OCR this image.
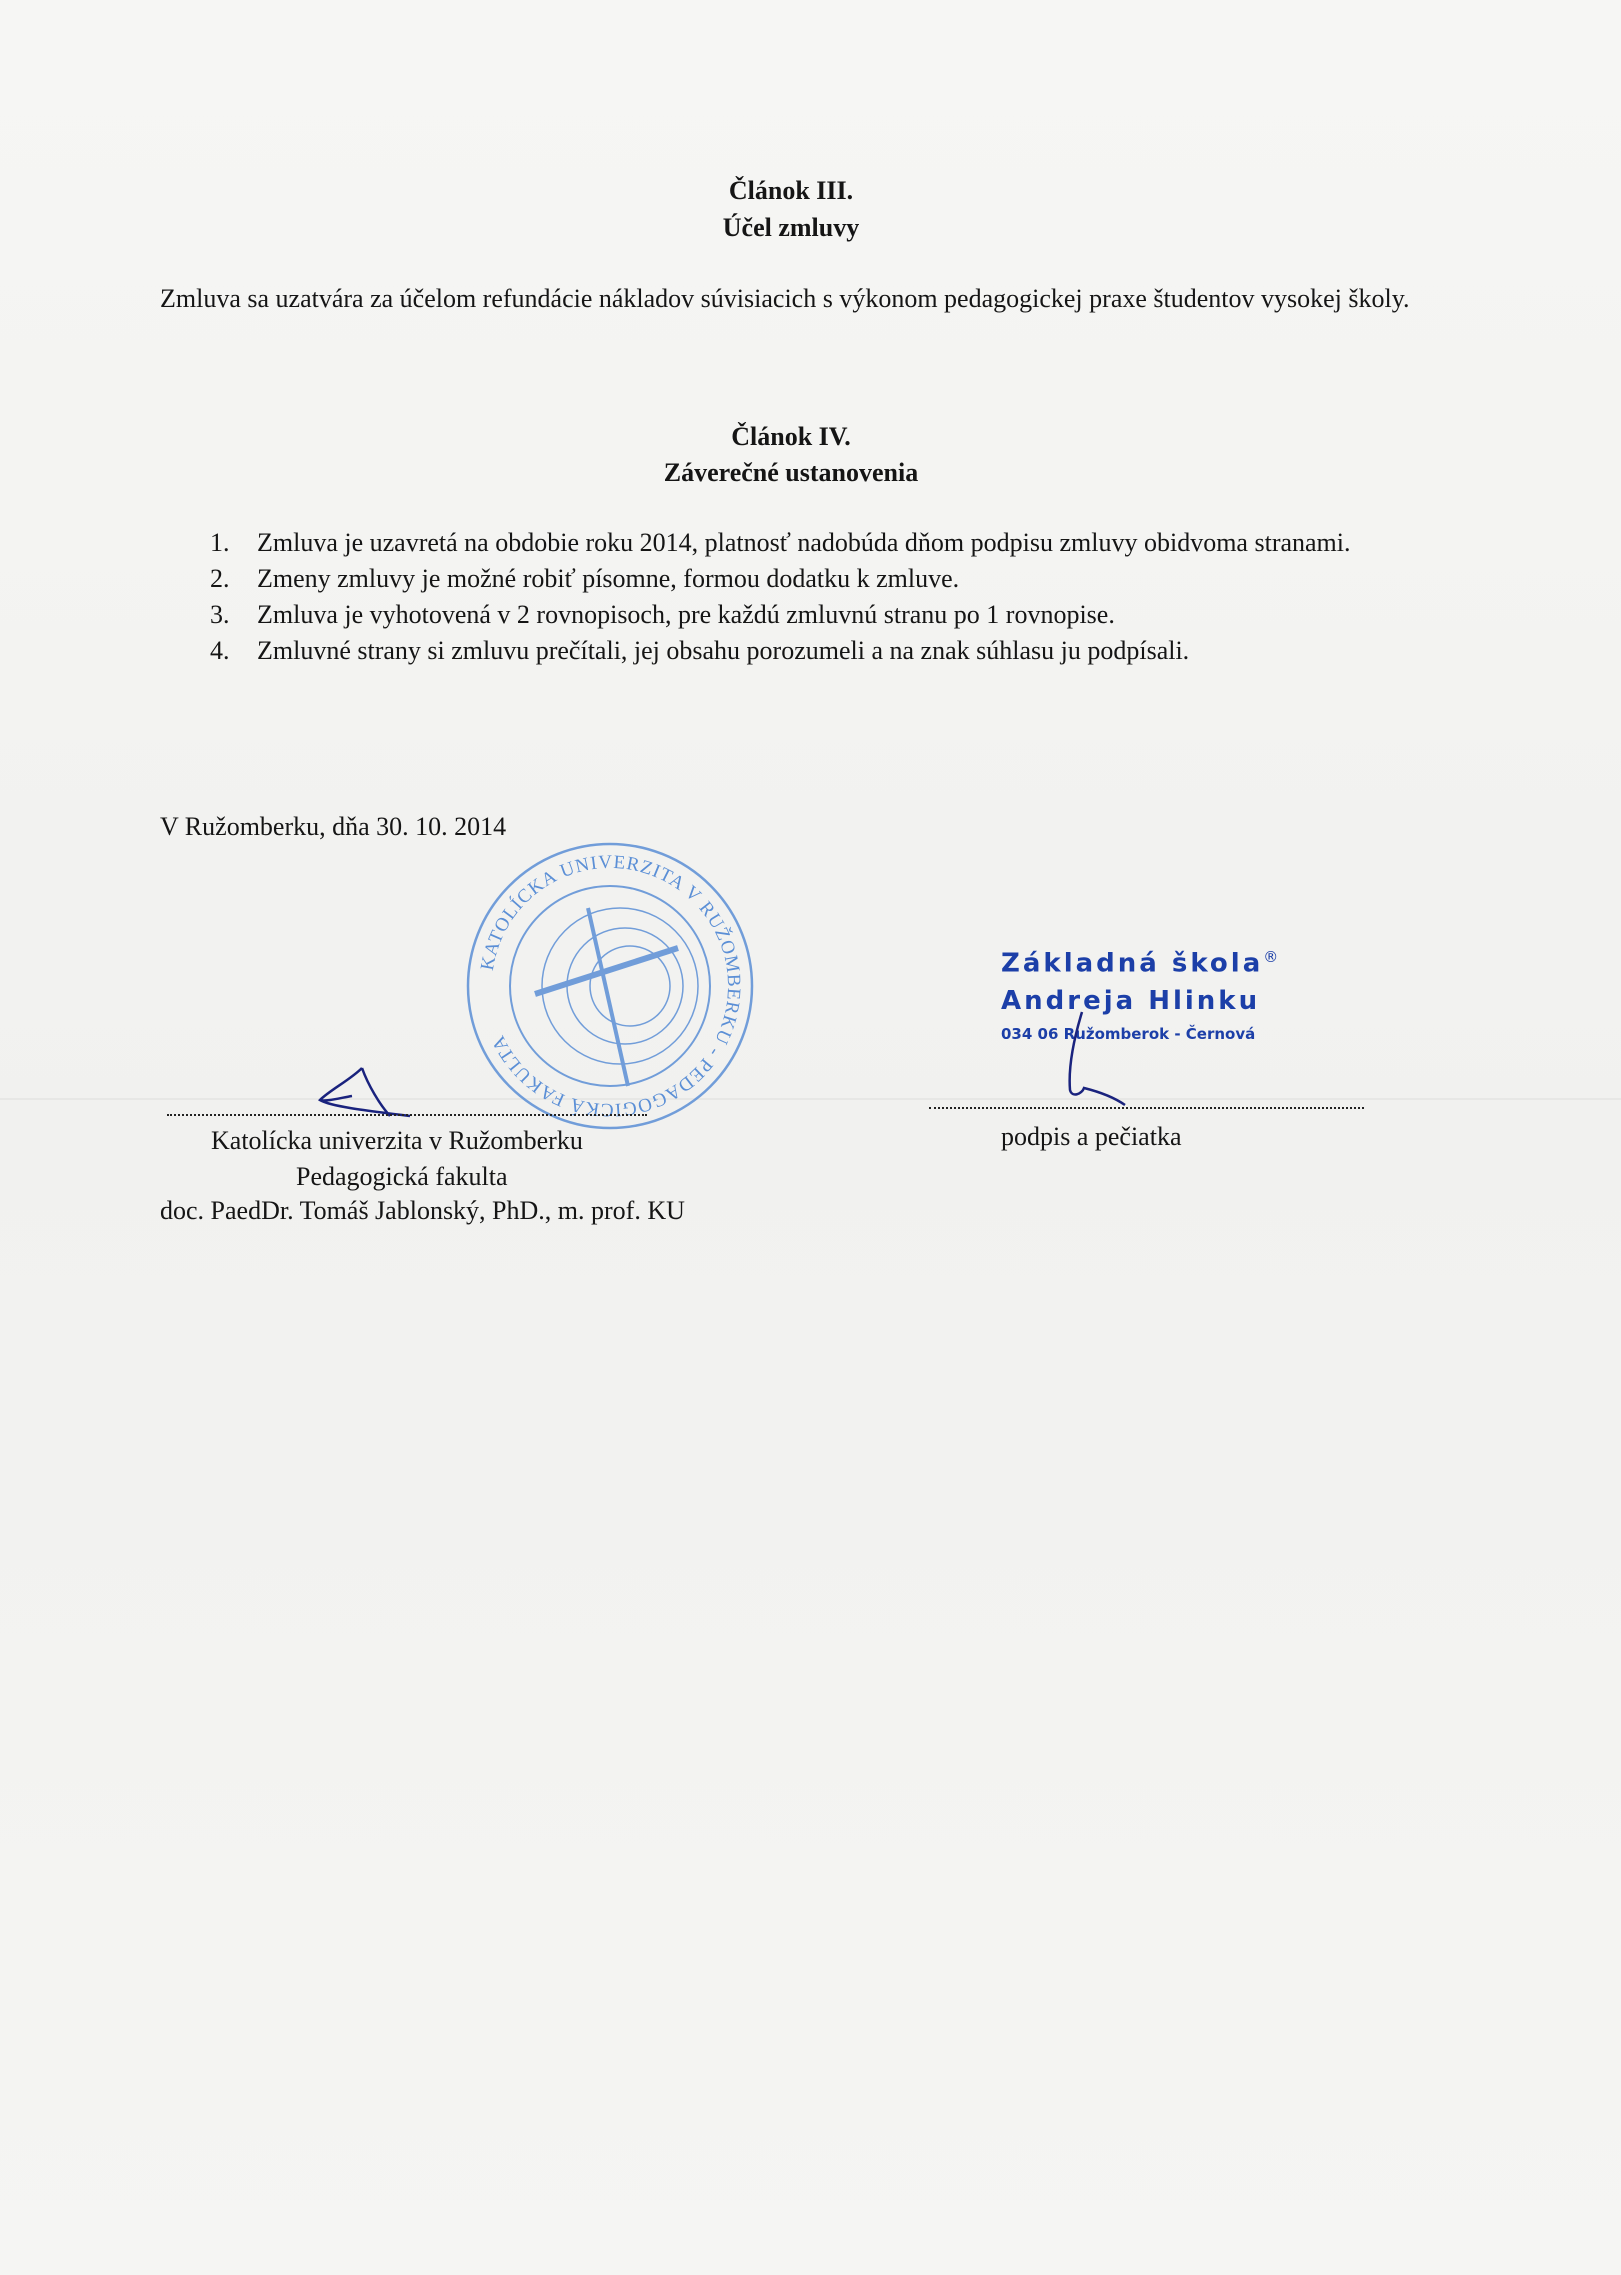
Článok III.
Účel zmluvy
Zmluva sa uzatvára za účelom refundácie nákladov súvisiacich s výkonom pedagogickej praxe študentov vysokej školy.
Článok IV.
Záverečné ustanovenia
1. Zmluva je uzavretá na obdobie roku 2014, platnosť nadobúda dňom podpisu zmluvy obidvoma stranami.
2. Zmeny zmluvy je možné robiť písomne, formou dodatku k zmluve.
3. Zmluva je vyhotovená v 2 rovnopisoch, pre každú zmluvnú stranu po 1 rovnopise.
4. Zmluvné strany si zmluvu prečítali, jej obsahu porozumeli a na znak súhlasu ju podpísali.
V Ružomberku, dňa 30. 10. 2014
KATOLÍCKA UNIVERZITA V RUŽOMBERKU - PEDAGOGICKÁ FAKULTA
Katolícka univerzita v Ružomberku
Pedagogická fakulta
doc. PaedDr. Tomáš Jablonský, PhD., m. prof. KU
Základná škola®
Andreja Hlinku
034 06 Ružomberok - Černová
podpis a pečiatka
